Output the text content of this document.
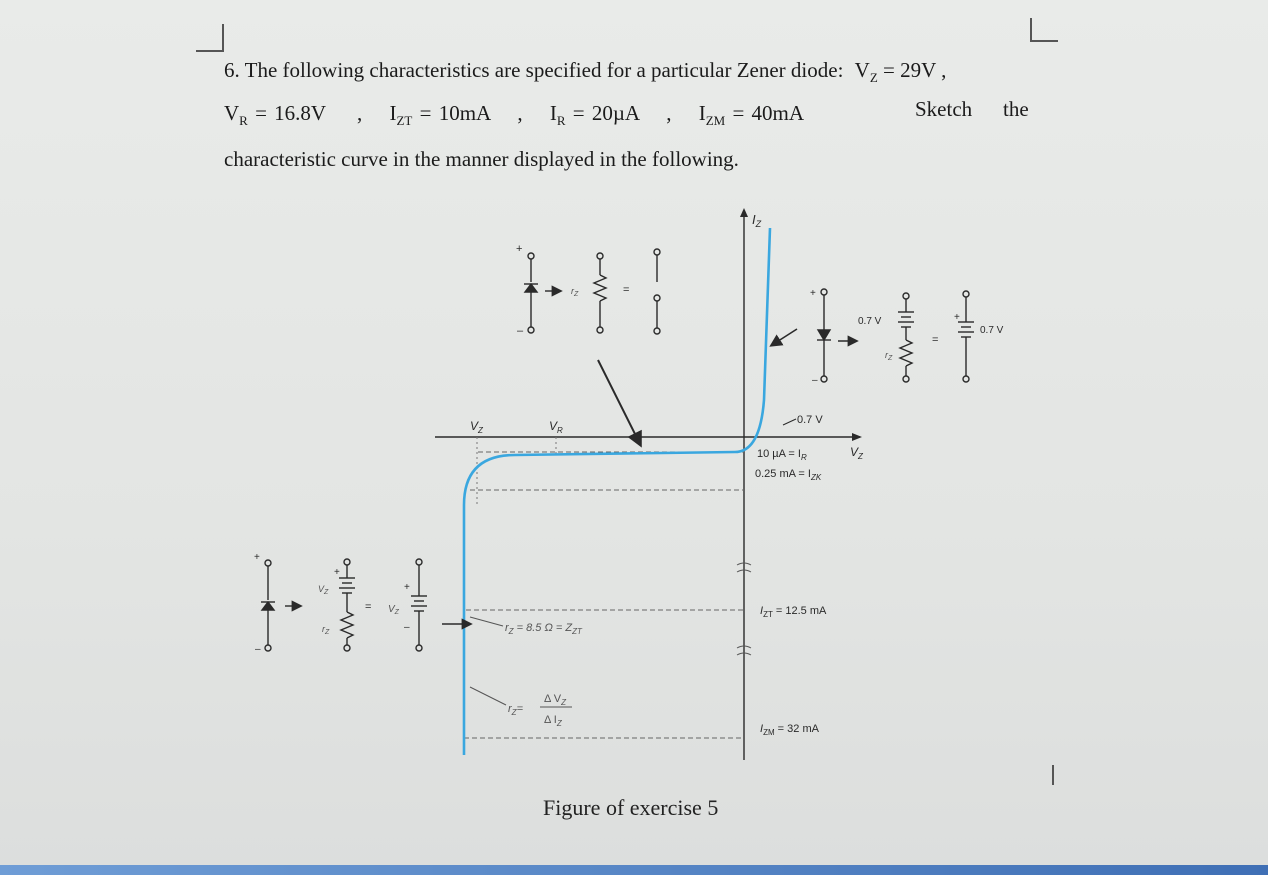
6. The following characteristics are specified for a particular Zener diode: $V_Z = 29V$ ,
$V_R = 16.8V$ , $I_{ZT} = 10mA$ , $I_R = 20\mu A$ , $I_{ZM} = 40mA$	Sketch the
characteristic curve in the manner displayed in the following.
$I_Z$
$V_Z$
$V_Z$	$V_R$
0.7 V
10 $\mu A = I_R$
0.25 mA = $I_{ZK}$
$I_{ZT} = 12.5$ mA
$I_{ZM} = 32$ mA
$r_Z = 8.5$ $\Omega = Z_{ZT}$
$r_Z=$
Δ $V_Z$
Δ $I_Z$
+
–
$r_Z$	=	+
–
0.7 V
$r_Z$
=
+
0.7 V
+
–
+
$V_Z$
$r_Z$
=
+
$V_Z$
–
Figure of exercise 5
